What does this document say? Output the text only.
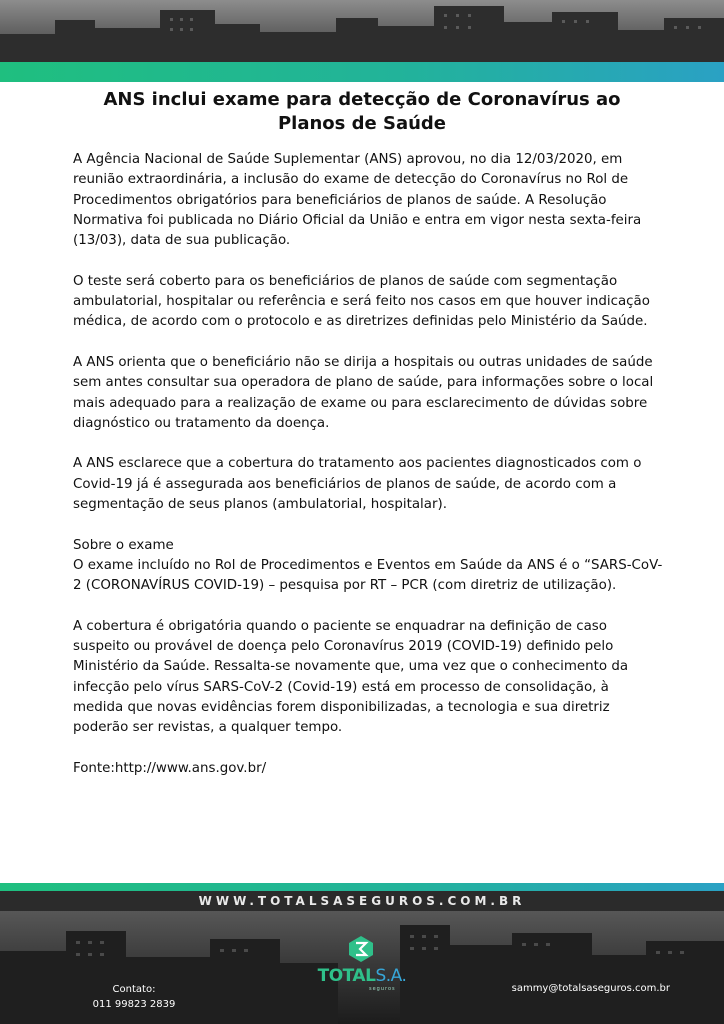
ANS inclui exame para detecção de Coronavírus ao Planos de Saúde

A Agência Nacional de Saúde Suplementar (ANS) aprovou, no dia 12/03/2020, em reunião extraordinária, a inclusão do exame de detecção do Coronavírus no Rol de Procedimentos obrigatórios para beneficiários de planos de saúde. A Resolução Normativa foi publicada no Diário Oficial da União e entra em vigor nesta sexta-feira (13/03), data de sua publicação.

O teste será coberto para os beneficiários de planos de saúde com segmentação ambulatorial, hospitalar ou referência e será feito nos casos em que houver indicação médica, de acordo com o protocolo e as diretrizes definidas pelo Ministério da Saúde.

A ANS orienta que o beneficiário não se dirija a hospitais ou outras unidades de saúde sem antes consultar sua operadora de plano de saúde, para informações sobre o local mais adequado para a realização de exame ou para esclarecimento de dúvidas sobre diagnóstico ou tratamento da doença.

A ANS esclarece que a cobertura do tratamento aos pacientes diagnosticados com o Covid-19 já é assegurada aos beneficiários de planos de saúde, de acordo com a segmentação de seus planos (ambulatorial, hospitalar).

Sobre o exame

O exame incluído no Rol de Procedimentos e Eventos em Saúde da ANS é o “SARS-CoV-2 (CORONAVÍRUS COVID-19) – pesquisa por RT – PCR (com diretriz de utilização).

A cobertura é obrigatória quando o paciente se enquadrar na definição de caso suspeito ou provável de doença pelo Coronavírus 2019 (COVID-19) definido pelo Ministério da Saúde. Ressalta-se novamente que, uma vez que o conhecimento da infecção pelo vírus SARS-CoV-2 (Covid-19) está em processo de consolidação, à medida que novas evidências forem disponibilizadas, a tecnologia e sua diretriz poderão ser revistas, a qualquer tempo.

Fonte:http://www.ans.gov.br/

WWW.TOTALSASEGUROS.COM.BR
TOTALS.A.
seguros
Contato:
011 99823 2839
sammy@totalsaseguros.com.br
